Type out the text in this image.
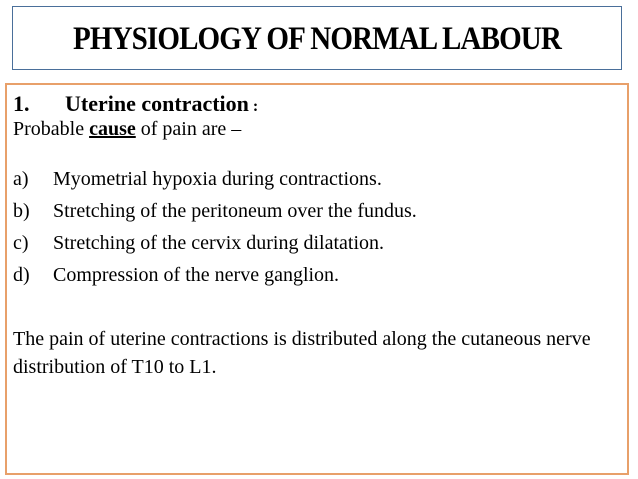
PHYSIOLOGY OF NORMAL LABOUR
1. Uterine contraction :
Probable cause of pain are –
a) Myometrial hypoxia during contractions.
b) Stretching of the peritoneum over the fundus.
c) Stretching of the cervix during dilatation.
d) Compression of the nerve ganglion.
The pain of uterine contractions is distributed along the cutaneous nerve distribution of T10 to L1.
